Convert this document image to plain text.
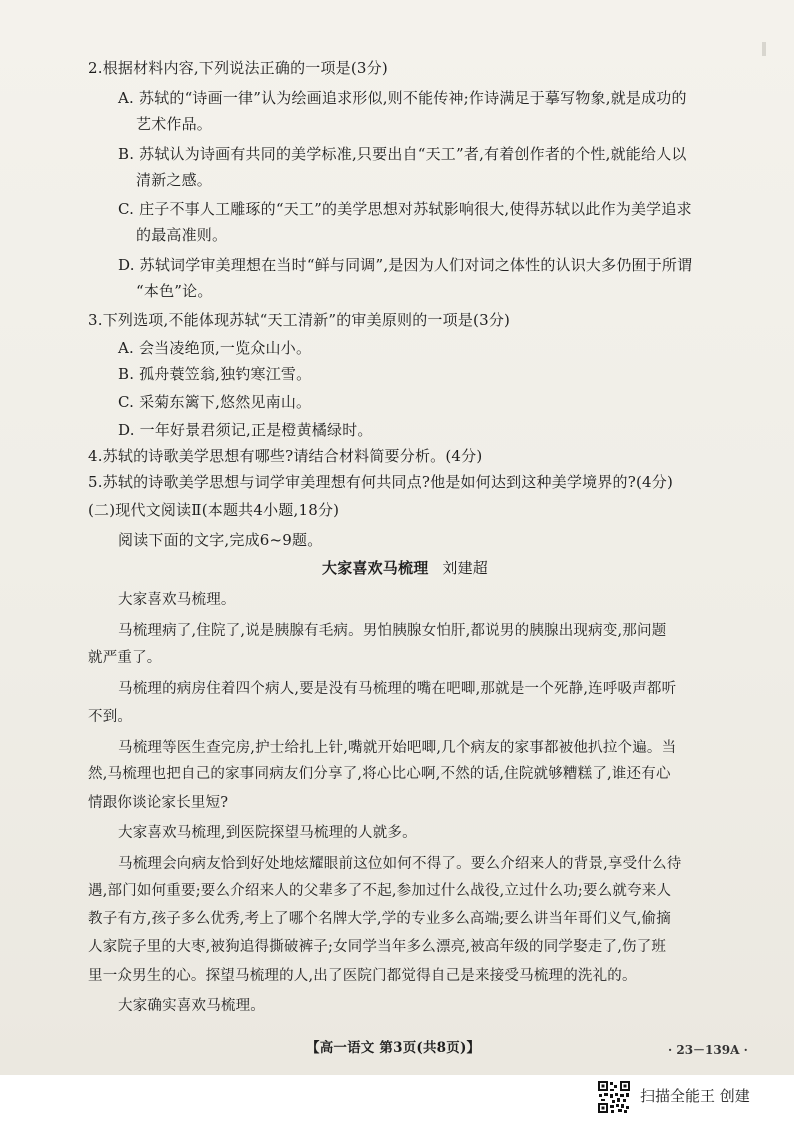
2.根据材料内容,下列说法正确的一项是(3分)
A. 苏轼的“诗画一律”认为绘画追求形似,则不能传神;作诗满足于摹写物象,就是成功的
艺术作品。
B. 苏轼认为诗画有共同的美学标准,只要出自“天工”者,有着创作者的个性,就能给人以
清新之感。
C. 庄子不事人工雕琢的“天工”的美学思想对苏轼影响很大,使得苏轼以此作为美学追求
的最高准则。
D. 苏轼词学审美理想在当时“鲜与同调”,是因为人们对词之体性的认识大多仍囿于所谓
“本色”论。
3.下列选项,不能体现苏轼“天工清新”的审美原则的一项是(3分)
A. 会当凌绝顶,一览众山小。
B. 孤舟蓑笠翁,独钓寒江雪。
C. 采菊东篱下,悠然见南山。
D. 一年好景君须记,正是橙黄橘绿时。
4.苏轼的诗歌美学思想有哪些?请结合材料简要分析。(4分)
5.苏轼的诗歌美学思想与词学审美理想有何共同点?他是如何达到这种美学境界的?(4分)
(二)现代文阅读Ⅱ(本题共4小题,18分)
阅读下面的文字,完成6~9题。
大家喜欢马梳理 刘建超
大家喜欢马梳理。
马梳理病了,住院了,说是胰腺有毛病。男怕胰腺女怕肝,都说男的胰腺出现病变,那问题
就严重了。
马梳理的病房住着四个病人,要是没有马梳理的嘴在吧唧,那就是一个死静,连呼吸声都听
不到。
马梳理等医生查完房,护士给扎上针,嘴就开始吧唧,几个病友的家事都被他扒拉个遍。当
然,马梳理也把自己的家事同病友们分享了,将心比心啊,不然的话,住院就够糟糕了,谁还有心
情跟你谈论家长里短?
大家喜欢马梳理,到医院探望马梳理的人就多。
马梳理会向病友恰到好处地炫耀眼前这位如何不得了。要么介绍来人的背景,享受什么待
遇,部门如何重要;要么介绍来人的父辈多了不起,参加过什么战役,立过什么功;要么就夸来人
教子有方,孩子多么优秀,考上了哪个名牌大学,学的专业多么高端;要么讲当年哥们义气,偷摘
人家院子里的大枣,被狗追得撕破裤子;女同学当年多么漂亮,被高年级的同学娶走了,伤了班
里一众男生的心。探望马梳理的人,出了医院门都觉得自己是来接受马梳理的洗礼的。
大家确实喜欢马梳理。
【高一语文 第3页(共8页)】	· 23－139A ·
扫描全能王 创建
